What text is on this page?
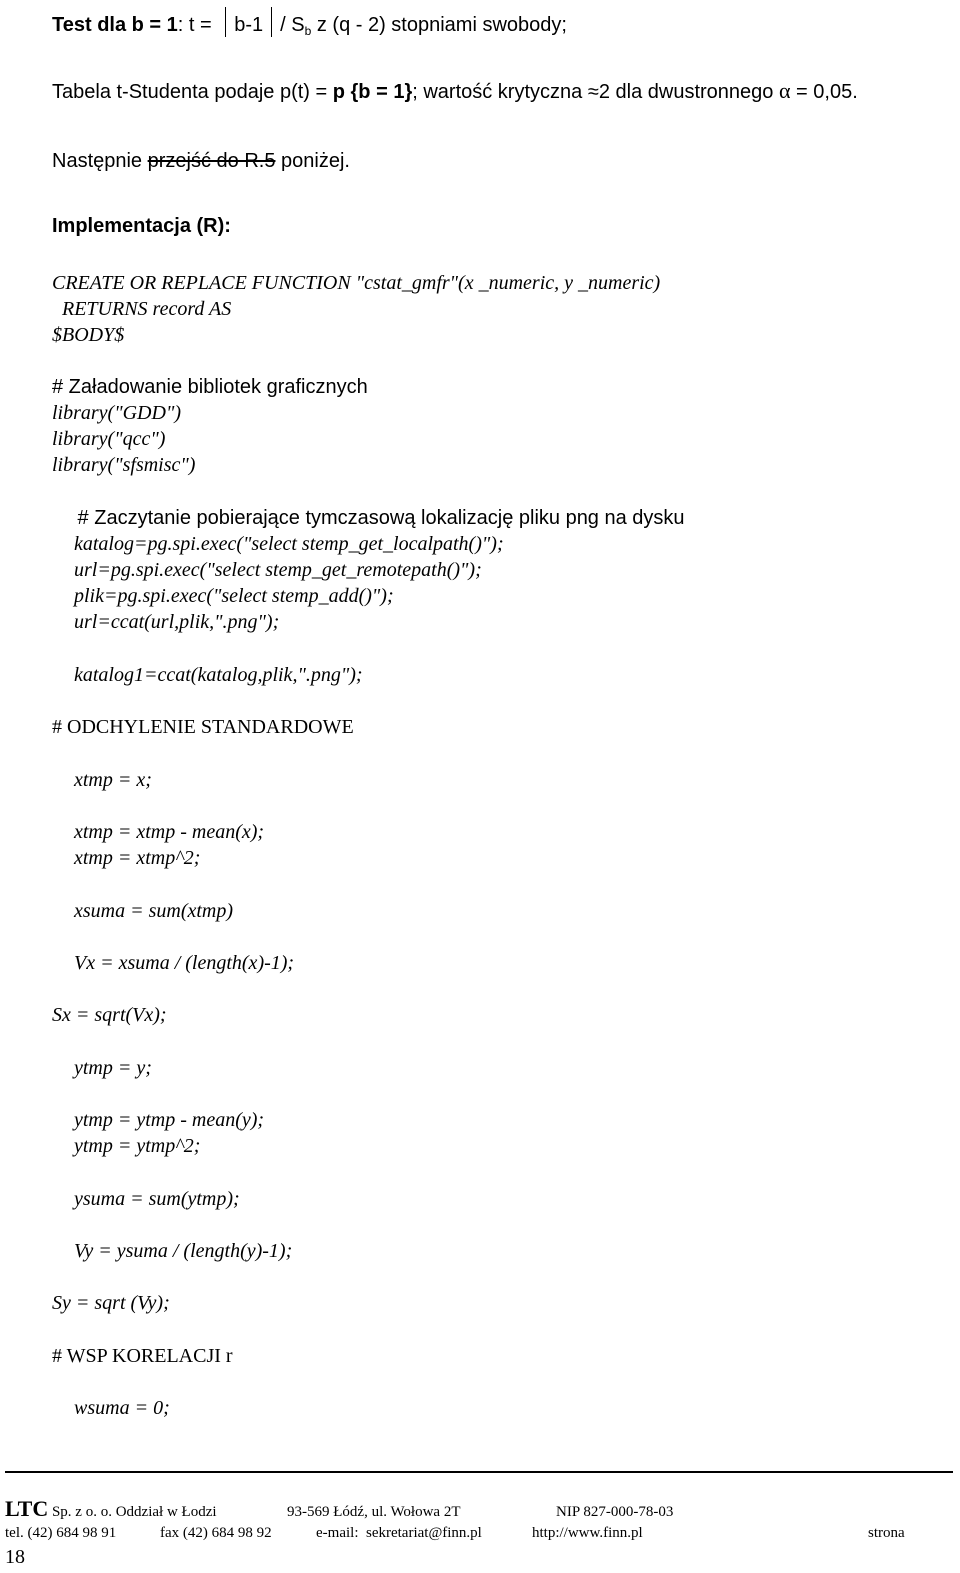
Test dla b = 1: $t = b-1 / S_b$ z (q - 2) stopniami swobody;
Tabela t-Studenta podaje p(t) = p {b = 1}; wartość krytyczna ≈2 dla dwustronnego α = 0,05.
Następnie przejść do R.5 poniżej.
Implementacja (R):
CREATE OR REPLACE FUNCTION "cstat_gmfr"(x _numeric, y _numeric)
RETURNS record AS
$BODY$
# Załadowanie bibliotek graficznych
library("GDD")
library("qcc")
library("sfsmisc")
# Zaczytanie pobierające tymczasową lokalizację pliku png na dysku
katalog=pg.spi.exec("select stemp_get_localpath()");
url=pg.spi.exec("select stemp_get_remotepath()");
plik=pg.spi.exec("select stemp_add()");
url=ccat(url,plik,".png");
katalog1=ccat(katalog,plik,".png");
# ODCHYLENIE STANDARDOWE
xtmp = x;
xtmp = xtmp - mean(x);
xtmp = xtmp^2;
xsuma = sum(xtmp)
Vx = xsuma / (length(x)-1);
Sx = sqrt(Vx);
ytmp = y;
ytmp = ytmp - mean(y);
ytmp = ytmp^2;
ysuma = sum(ytmp);
Vy = ysuma / (length(y)-1);
Sy = sqrt (Vy);
# WSP KORELACJI r
wsuma = 0;
LTC Sp. z o. o. Oddział w Łodzi	93-569 Łódź, ul. Wołowa 2T	NIP 827-000-78-03
tel. (42) 684 98 91	fax (42) 684 98 92	e-mail:  sekretariat@finn.pl	http://www.finn.pl	strona
18
